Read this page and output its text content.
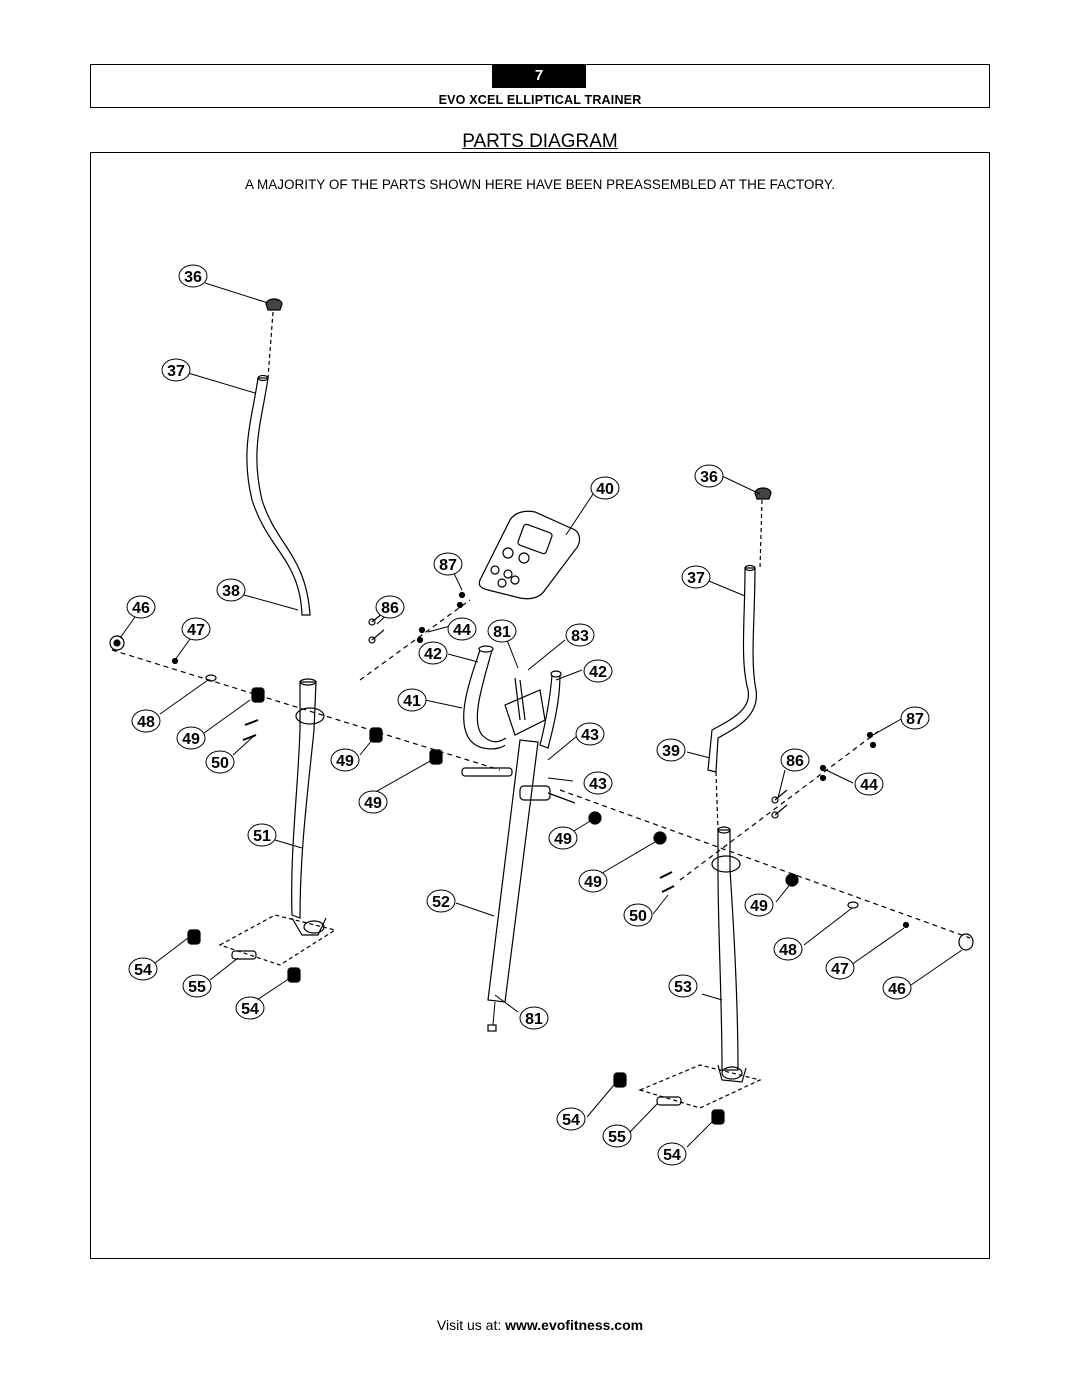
7
EVO XCEL ELLIPTICAL TRAINER
PARTS DIAGRAM
A MAJORITY OF THE PARTS SHOWN HERE HAVE BEEN PREASSEMBLED AT THE FACTORY.
36
37
38
46
47
48
49
50
51
54
55
54
87
86
44
42
41
49
49
81	83
42
43
43
49
52
81
40
36
37
87
39
86
44
49
49
50
48
47
46
53
54
55
54
Visit us at: www.evofitness.com
